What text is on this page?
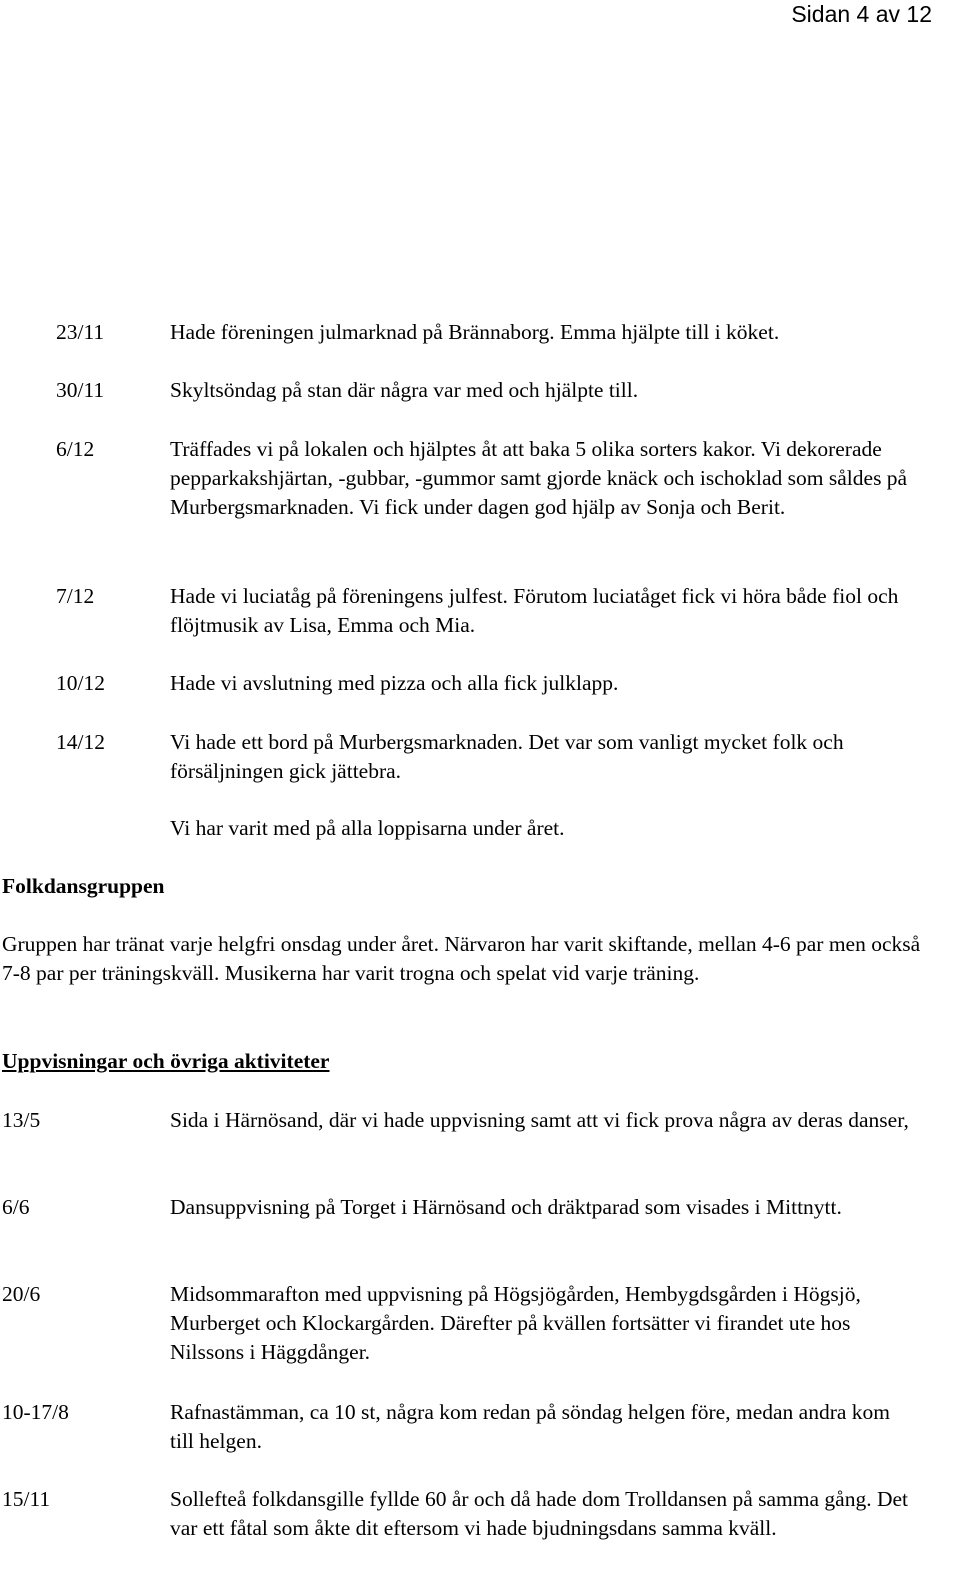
Sidan 4 av 12
23/11	Hade föreningen julmarknad på Brännaborg. Emma hjälpte till i köket.
30/11	Skyltsöndag på stan där några var med och hjälpte till.
6/12	Träffades vi på lokalen och hjälptes åt att baka 5 olika sorters kakor. Vi dekorerade pepparkakshjärtan, -gubbar, -gummor samt gjorde knäck och ischoklad som såldes på Murbergsmarknaden. Vi fick under dagen god hjälp av Sonja och Berit.
7/12	Hade vi luciatåg på föreningens julfest. Förutom luciatåget fick vi höra både fiol och flöjtmusik av Lisa, Emma och Mia.
10/12	Hade vi avslutning med pizza och alla fick julklapp.
14/12	Vi hade ett bord på Murbergsmarknaden. Det var som vanligt mycket folk och försäljningen gick jättebra.
Vi har varit med på alla loppisarna under året.
Folkdansgruppen
Gruppen har tränat varje helgfri onsdag under året. Närvaron har varit skiftande, mellan 4-6 par men också 7-8 par per träningskväll. Musikerna har varit trogna och spelat vid varje träning.
Uppvisningar och övriga aktiviteter
13/5	Sida i Härnösand, där vi hade uppvisning samt att vi fick prova några av deras danser,
6/6	Dansuppvisning på Torget i Härnösand och dräktparad som visades i Mittnytt.
20/6	Midsommarafton med uppvisning på Högsjögården, Hembygdsgården i Högsjö, Murberget och Klockargården. Därefter på kvällen fortsätter vi firandet ute hos Nilssons i Häggdånger.
10-17/8	Rafnastämman, ca 10 st, några kom redan på söndag helgen före, medan andra kom till helgen.
15/11	Sollefteå folkdansgille fyllde 60 år och då hade dom Trolldansen på samma gång. Det var ett fåtal som åkte dit eftersom vi hade bjudningsdans samma kväll.
